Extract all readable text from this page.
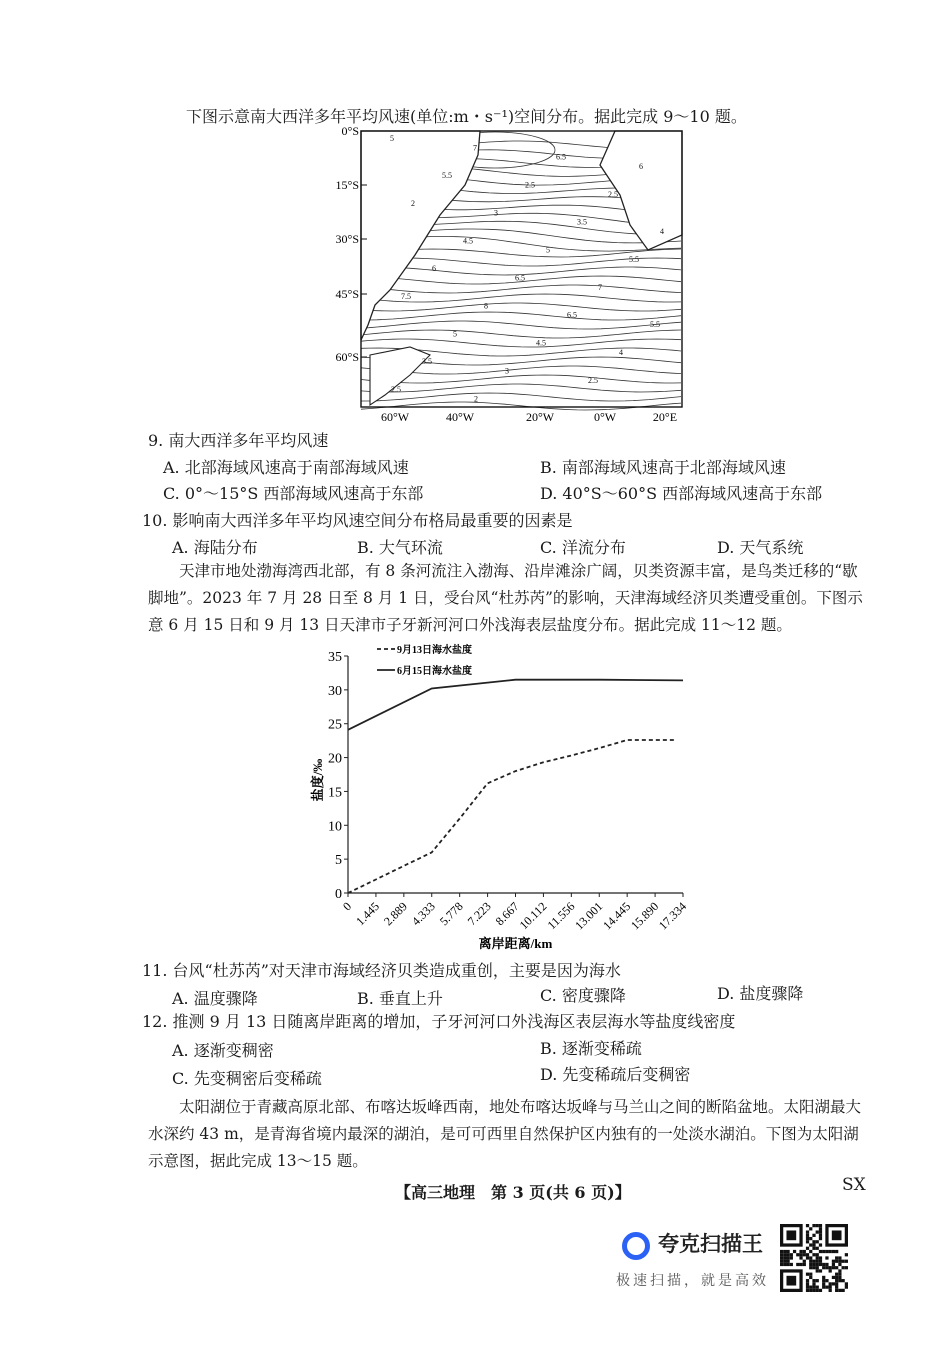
下图示意南大西洋多年平均风速(单位:m・s⁻¹)空间分布。据此完成 9～10 题。
5
7
6.5
6
5.5
2.5
2.5
2
3
3.5
4
4.5
5
5.5
6
6.5
7
7.5
8
6.5
5.5
5
4.5
4
3.5
3
2.5
2.5
2
0°S
15°S
30°S
45°S
60°S
60°W	40°W	20°W	0°W	20°E
9. 南大西洋多年平均风速
A. 北部海域风速高于南部海域风速	B. 南部海域风速高于北部海域风速
C. 0°～15°S 西部海域风速高于东部	D. 40°S～60°S 西部海域风速高于东部
10. 影响南大西洋多年平均风速空间分布格局最重要的因素是
A. 海陆分布	B. 大气环流	C. 洋流分布	D. 天气系统
天津市地处渤海湾西北部，有 8 条河流注入渤海、沿岸滩涂广阔，贝类资源丰富，是鸟类迁移的“歇脚地”。2023 年 7 月 28 日至 8 月 1 日，受台风“杜苏芮”的影响，天津海域经济贝类遭受重创。下图示意 6 月 15 日和 9 月 13 日天津市子牙新河河口外浅海表层盐度分布。据此完成 11～12 题。
0
5
10
15
20
25
30
35
0
1.445
2.889
4.333
5.778
7.223
8.667
10.112
11.556
13.001
14.445
15.890
17.334
离岸距离/km
盐度/‰
9月13日海水盐度
6月15日海水盐度
11. 台风“杜苏芮”对天津市海域经济贝类造成重创，主要是因为海水
A. 温度骤降	B. 垂直上升	C. 密度骤降	D. 盐度骤降
12. 推测 9 月 13 日随离岸距离的增加，子牙河河口外浅海区表层海水等盐度线密度
A. 逐渐变稠密	B. 逐渐变稀疏
C. 先变稠密后变稀疏	D. 先变稀疏后变稠密
太阳湖位于青藏高原北部、布喀达坂峰西南，地处布喀达坂峰与马兰山之间的断陷盆地。太阳湖最大水深约 43 m，是青海省境内最深的湖泊，是可可西里自然保护区内独有的一处淡水湖泊。下图为太阳湖示意图，据此完成 13～15 题。
【高三地理　第 3 页(共 6 页)】	SX
夸克扫描王
极速扫描，就是高效
